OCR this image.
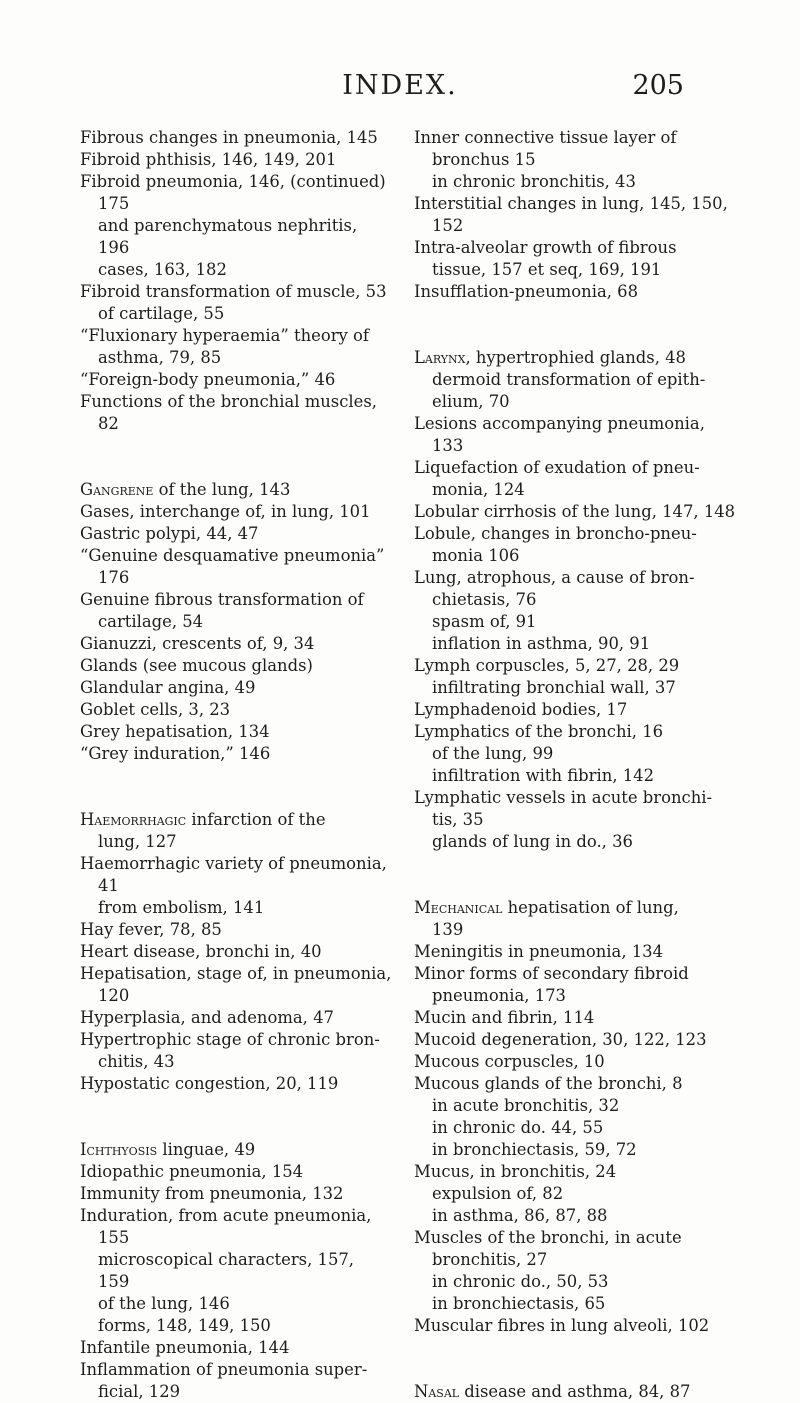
INDEX.	205
Fibrous changes in pneumonia, 145
Fibroid phthisis, 146, 149, 201
Fibroid pneumonia, 146, (continued)
175
and parenchymatous nephritis,
196
cases, 163, 182
Fibroid transformation of muscle, 53
of cartilage, 55
“Fluxionary hyperaemia” theory of
asthma, 79, 85
“Foreign-body pneumonia,” 46
Functions of the bronchial muscles,
82
Gangrene of the lung, 143
Gases, interchange of, in lung, 101
Gastric polypi, 44, 47
“Genuine desquamative pneumonia”
176
Genuine fibrous transformation of
cartilage, 54
Gianuzzi, crescents of, 9, 34
Glands (see mucous glands)
Glandular angina, 49
Goblet cells, 3, 23
Grey hepatisation, 134
“Grey induration,” 146
Haemorrhagic infarction of the
lung, 127
Haemorrhagic variety of pneumonia,
41
from embolism, 141
Hay fever, 78, 85
Heart disease, bronchi in, 40
Hepatisation, stage of, in pneumonia,
120
Hyperplasia, and adenoma, 47
Hypertrophic stage of chronic bron-
chitis, 43
Hypostatic congestion, 20, 119
Ichthyosis linguae, 49
Idiopathic pneumonia, 154
Immunity from pneumonia, 132
Induration, from acute pneumonia,
155
microscopical characters, 157,
159
of the lung, 146
forms, 148, 149, 150
Infantile pneumonia, 144
Inflammation of pneumonia super-
ficial, 129
Inner connective tissue layer of
bronchus 15
in chronic bronchitis, 43
Interstitial changes in lung, 145, 150,
152
Intra-alveolar growth of fibrous
tissue, 157 et seq, 169, 191
Insufflation-pneumonia, 68
Larynx, hypertrophied glands, 48
dermoid transformation of epith-
elium, 70
Lesions accompanying pneumonia,
133
Liquefaction of exudation of pneu-
monia, 124
Lobular cirrhosis of the lung, 147, 148
Lobule, changes in broncho-pneu-
monia 106
Lung, atrophous, a cause of bron-
chietasis, 76
spasm of, 91
inflation in asthma, 90, 91
Lymph corpuscles, 5, 27, 28, 29
infiltrating bronchial wall, 37
Lymphadenoid bodies, 17
Lymphatics of the bronchi, 16
of the lung, 99
infiltration with fibrin, 142
Lymphatic vessels in acute bronchi-
tis, 35
glands of lung in do., 36
Mechanical hepatisation of lung,
139
Meningitis in pneumonia, 134
Minor forms of secondary fibroid
pneumonia, 173
Mucin and fibrin, 114
Mucoid degeneration, 30, 122, 123
Mucous corpuscles, 10
Mucous glands of the bronchi, 8
in acute bronchitis, 32
in chronic do. 44, 55
in bronchiectasis, 59, 72
Mucus, in bronchitis, 24
expulsion of, 82
in asthma, 86, 87, 88
Muscles of the bronchi, in acute
bronchitis, 27
in chronic do., 50, 53
in bronchiectasis, 65
Muscular fibres in lung alveoli, 102
Nasal disease and asthma, 84, 87
